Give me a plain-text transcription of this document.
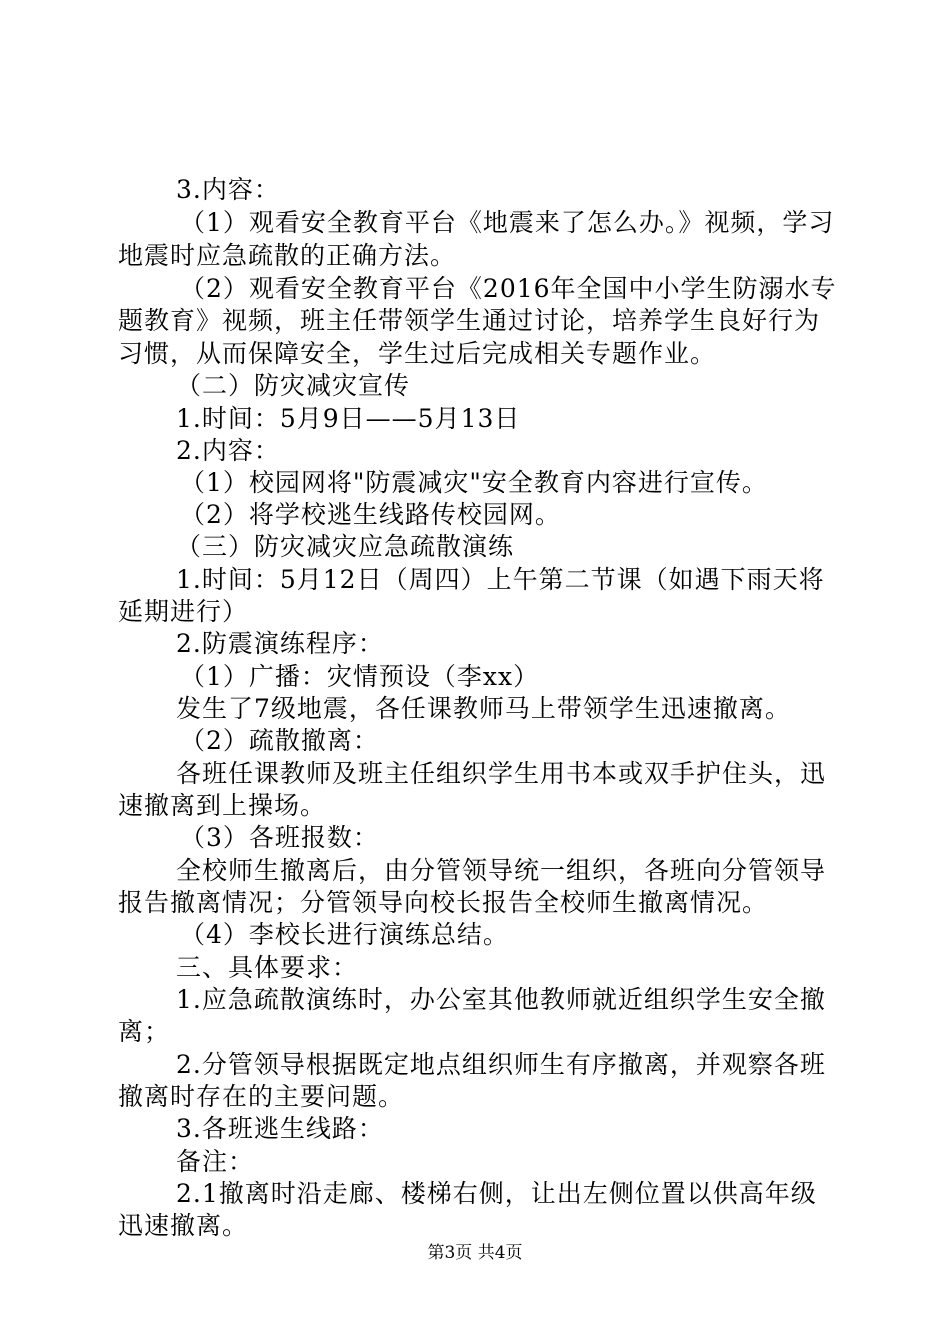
3.内容：
（1）观看安全教育平台《地震来了怎么办。》视频，学习
地震时应急疏散的正确方法。
（2）观看安全教育平台《2016年全国中小学生防溺水专
题教育》视频，班主任带领学生通过讨论，培养学生良好行为
习惯，从而保障安全，学生过后完成相关专题作业。
（二）防灾减灾宣传
1.时间：5月9日——5月13日
2.内容：
（1）校园网将"防震减灾"安全教育内容进行宣传。
（2）将学校逃生线路传校园网。
（三）防灾减灾应急疏散演练
1.时间：5月12日（周四）上午第二节课（如遇下雨天将
延期进行）
2.防震演练程序：
（1）广播：灾情预设（李xx）
发生了7级地震，各任课教师马上带领学生迅速撤离。
（2）疏散撤离：
各班任课教师及班主任组织学生用书本或双手护住头，迅
速撤离到上操场。
（3）各班报数：
全校师生撤离后，由分管领导统一组织，各班向分管领导
报告撤离情况；分管领导向校长报告全校师生撤离情况。
（4）李校长进行演练总结。
三、具体要求：
1.应急疏散演练时，办公室其他教师就近组织学生安全撤
离；
2.分管领导根据既定地点组织师生有序撤离，并观察各班
撤离时存在的主要问题。
3.各班逃生线路：
备注：
2.1撤离时沿走廊、楼梯右侧，让出左侧位置以供高年级
迅速撤离。
第3页 共4页
